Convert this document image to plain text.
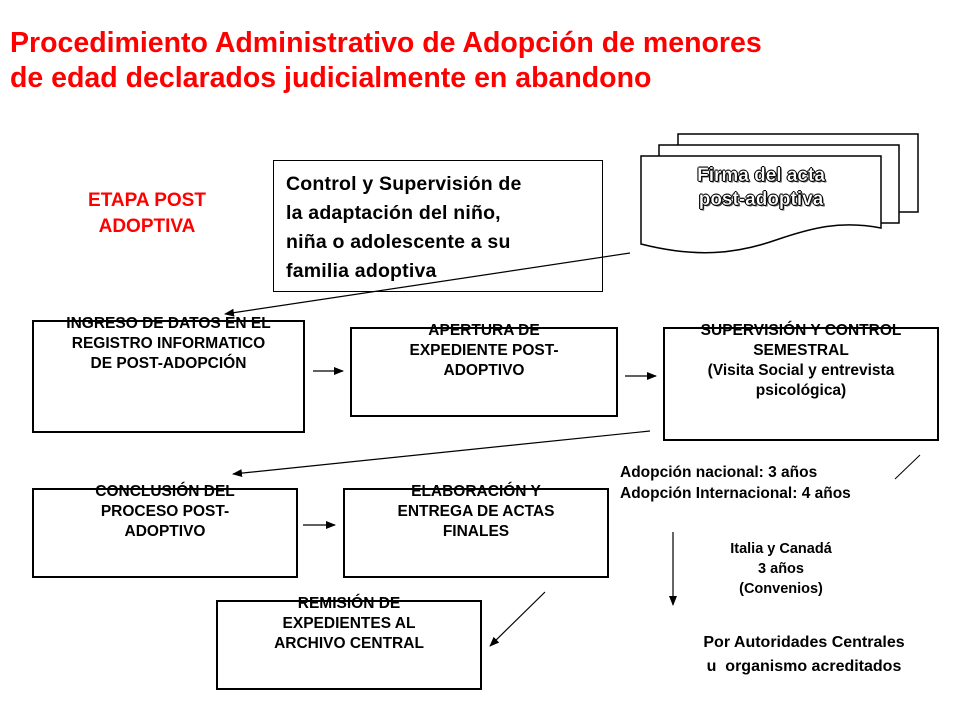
Procedimiento Administrativo de Adopción de menores
de edad declarados judicialmente en abandono
ETAPA POST
ADOPTIVA
Control y Supervisión de
la adaptación del niño,
niña o adolescente a su
familia adoptiva
Firma del acta
post-adoptiva
INGRESO DE DATOS EN EL
REGISTRO INFORMATICO
DE POST-ADOPCIÓN
APERTURA DE
EXPEDIENTE POST-
ADOPTIVO
SUPERVISIÓN Y CONTROL
SEMESTRAL
(Visita Social y entrevista
psicológica)
CONCLUSIÓN DEL
PROCESO POST-
ADOPTIVO
ELABORACIÓN Y
ENTREGA DE ACTAS
FINALES
REMISIÓN DE
EXPEDIENTES AL
ARCHIVO CENTRAL
Adopción nacional: 3 años
Adopción Internacional: 4 años
Italia y Canadá
3 años
(Convenios)
Por Autoridades Centrales
u  organismo acreditados
